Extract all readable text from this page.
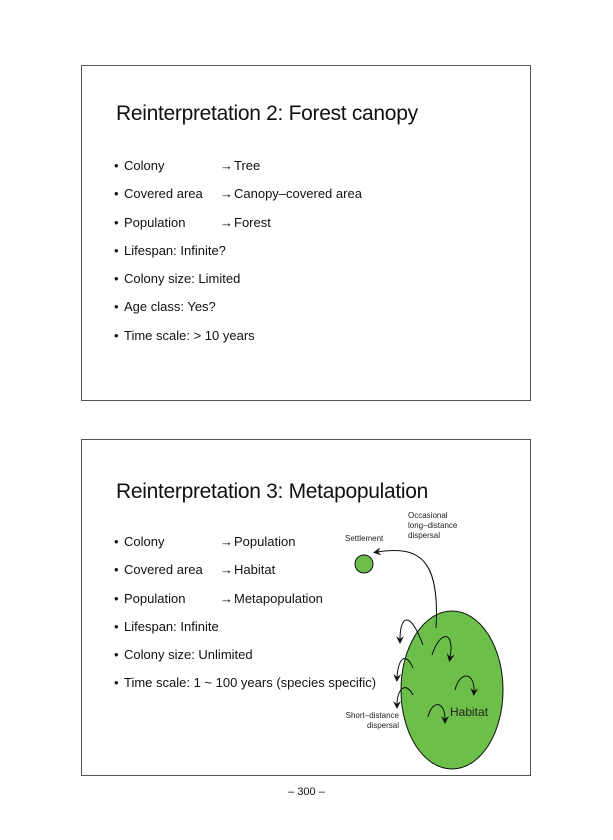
Reinterpretation 2: Forest canopy
• Colony	→ Tree
• Covered area → Canopy–covered area
• Population	→ Forest
• Lifespan: Infinite?
• Colony size: Limited
• Age class: Yes?
• Time scale: > 10 years
Reinterpretation 3: Metapopulation
• Colony	→ Population
• Covered area → Habitat
• Population	→ Metapopulation
• Lifespan: Infinite
• Colony size: Unlimited
• Time scale: 1 ~ 100 years (species specific)
Settlement
Occasional
long–distance
dispersal
Short–distance
dispersal
Habitat
– 300 –
